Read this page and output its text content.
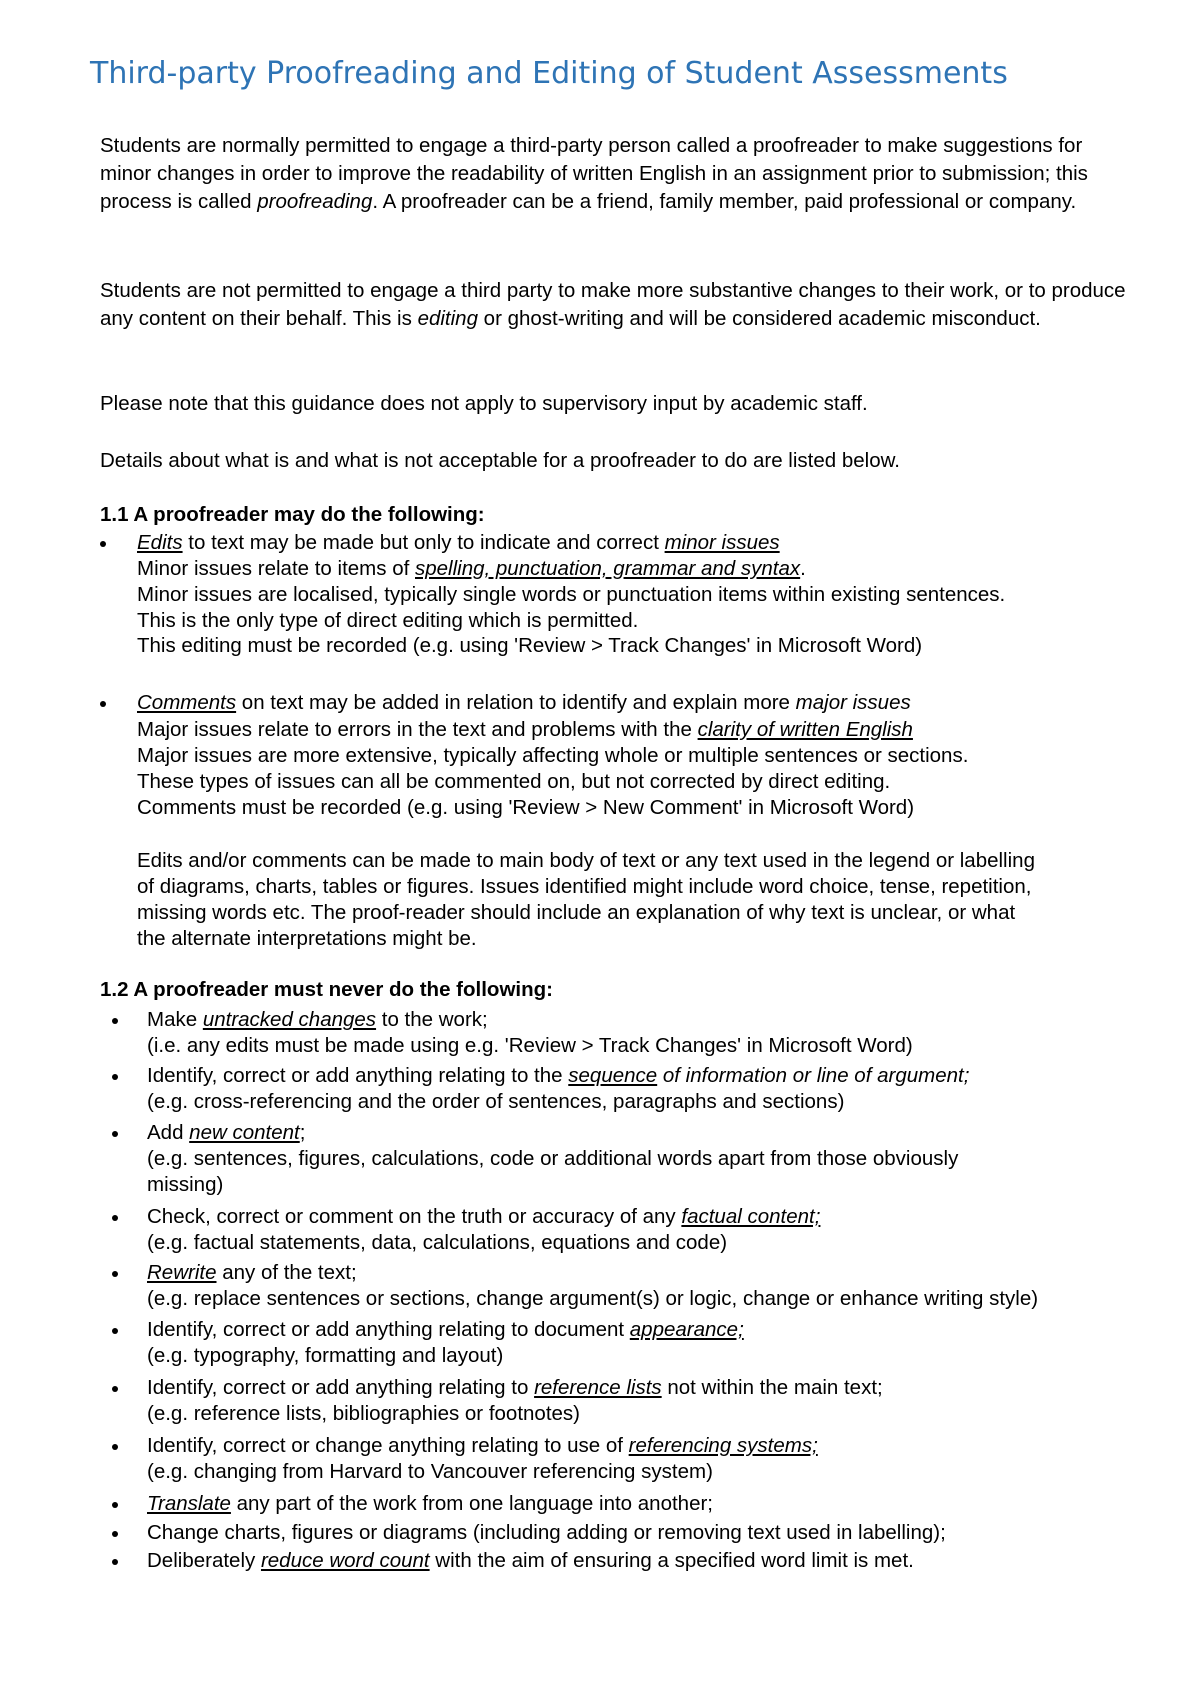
Third-party Proofreading and Editing of Student Assessments

Students are normally permitted to engage a third-party person called a proofreader to make suggestions for minor changes in order to improve the readability of written English in an assignment prior to submission; this process is called proofreading. A proofreader can be a friend, family member, paid professional or company.

Students are not permitted to engage a third party to make more substantive changes to their work, or to produce any content on their behalf. This is editing or ghost-writing and will be considered academic misconduct.

Please note that this guidance does not apply to supervisory input by academic staff.

Details about what is and what is not acceptable for a proofreader to do are listed below.

1.1 A proofreader may do the following:

Edits to text may be made but only to indicate and correct minor issues

Minor issues relate to items of spelling, punctuation, grammar and syntax.

Minor issues are localised, typically single words or punctuation items within existing sentences.

This is the only type of direct editing which is permitted.

This editing must be recorded (e.g. using 'Review > Track Changes' in Microsoft Word)

Comments on text may be added in relation to identify and explain more major issues

Major issues relate to errors in the text and problems with the clarity of written English

Major issues are more extensive, typically affecting whole or multiple sentences or sections.

These types of issues can all be commented on, but not corrected by direct editing.

Comments must be recorded (e.g. using 'Review > New Comment' in Microsoft Word)

Edits and/or comments can be made to main body of text or any text used in the legend or labelling

of diagrams, charts, tables or figures. Issues identified might include word choice, tense, repetition,

missing words etc. The proof-reader should include an explanation of why text is unclear, or what

the alternate interpretations might be.

1.2 A proofreader must never do the following:

Make untracked changes to the work;

(i.e. any edits must be made using e.g. 'Review > Track Changes' in Microsoft Word)

Identify, correct or add anything relating to the sequence of information or line of argument;

(e.g. cross-referencing and the order of sentences, paragraphs and sections)

Add new content;

(e.g. sentences, figures, calculations, code or additional words apart from those obviously

missing)

Check, correct or comment on the truth or accuracy of any factual content;

(e.g. factual statements, data, calculations, equations and code)

Rewrite any of the text;

(e.g. replace sentences or sections, change argument(s) or logic, change or enhance writing style)

Identify, correct or add anything relating to document appearance;

(e.g. typography, formatting and layout)

Identify, correct or add anything relating to reference lists not within the main text;

(e.g. reference lists, bibliographies or footnotes)

Identify, correct or change anything relating to use of referencing systems;

(e.g. changing from Harvard to Vancouver referencing system)

Translate any part of the work from one language into another;

Change charts, figures or diagrams (including adding or removing text used in labelling);

Deliberately reduce word count with the aim of ensuring a specified word limit is met.
